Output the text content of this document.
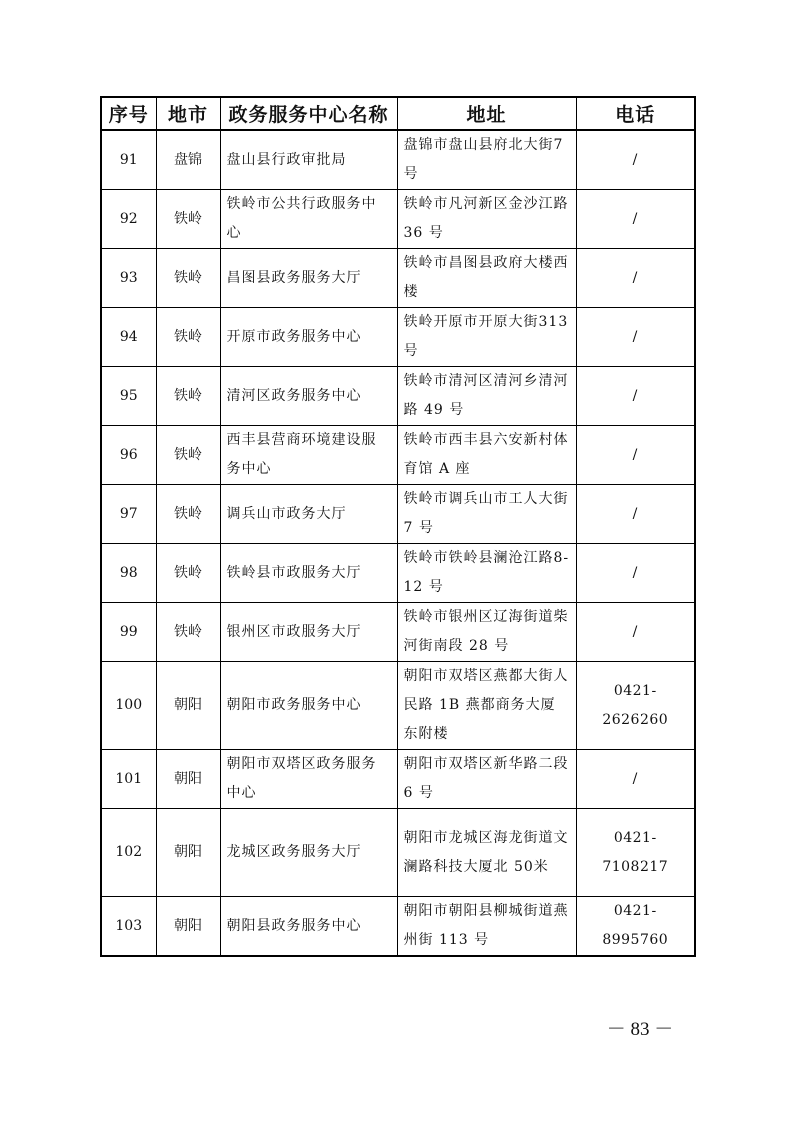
序号	地市	政务服务中心名称	地址	电话
91	盘锦	盘山县行政审批局	盘锦市盘山县府北大街7号	/
92	铁岭	铁岭市公共行政服务中心	铁岭市凡河新区金沙江路 36 号	/
93	铁岭	昌图县政务服务大厅	铁岭市昌图县政府大楼西楼	/
94	铁岭	开原市政务服务中心	铁岭开原市开原大街313 号	/
95	铁岭	清河区政务服务中心	铁岭市清河区清河乡清河路 49 号	/
96	铁岭	西丰县营商环境建设服务中心	铁岭市西丰县六安新村体育馆 A 座	/
97	铁岭	调兵山市政务大厅	铁岭市调兵山市工人大街 7 号	/
98	铁岭	铁岭县市政服务大厅	铁岭市铁岭县澜沧江路8-12 号	/
99	铁岭	银州区市政服务大厅	铁岭市银州区辽海街道柴河街南段 28 号	/
100	朝阳	朝阳市政务服务中心	朝阳市双塔区燕都大街人民路 1B 燕都商务大厦东附楼	0421-2626260
101	朝阳	朝阳市双塔区政务服务中心	朝阳市双塔区新华路二段 6 号	/
102	朝阳	龙城区政务服务大厅	朝阳市龙城区海龙街道文澜路科技大厦北 50米	0421-7108217
103	朝阳	朝阳县政务服务中心	朝阳市朝阳县柳城街道燕州街 113 号	0421-8995760
－ 83 －
